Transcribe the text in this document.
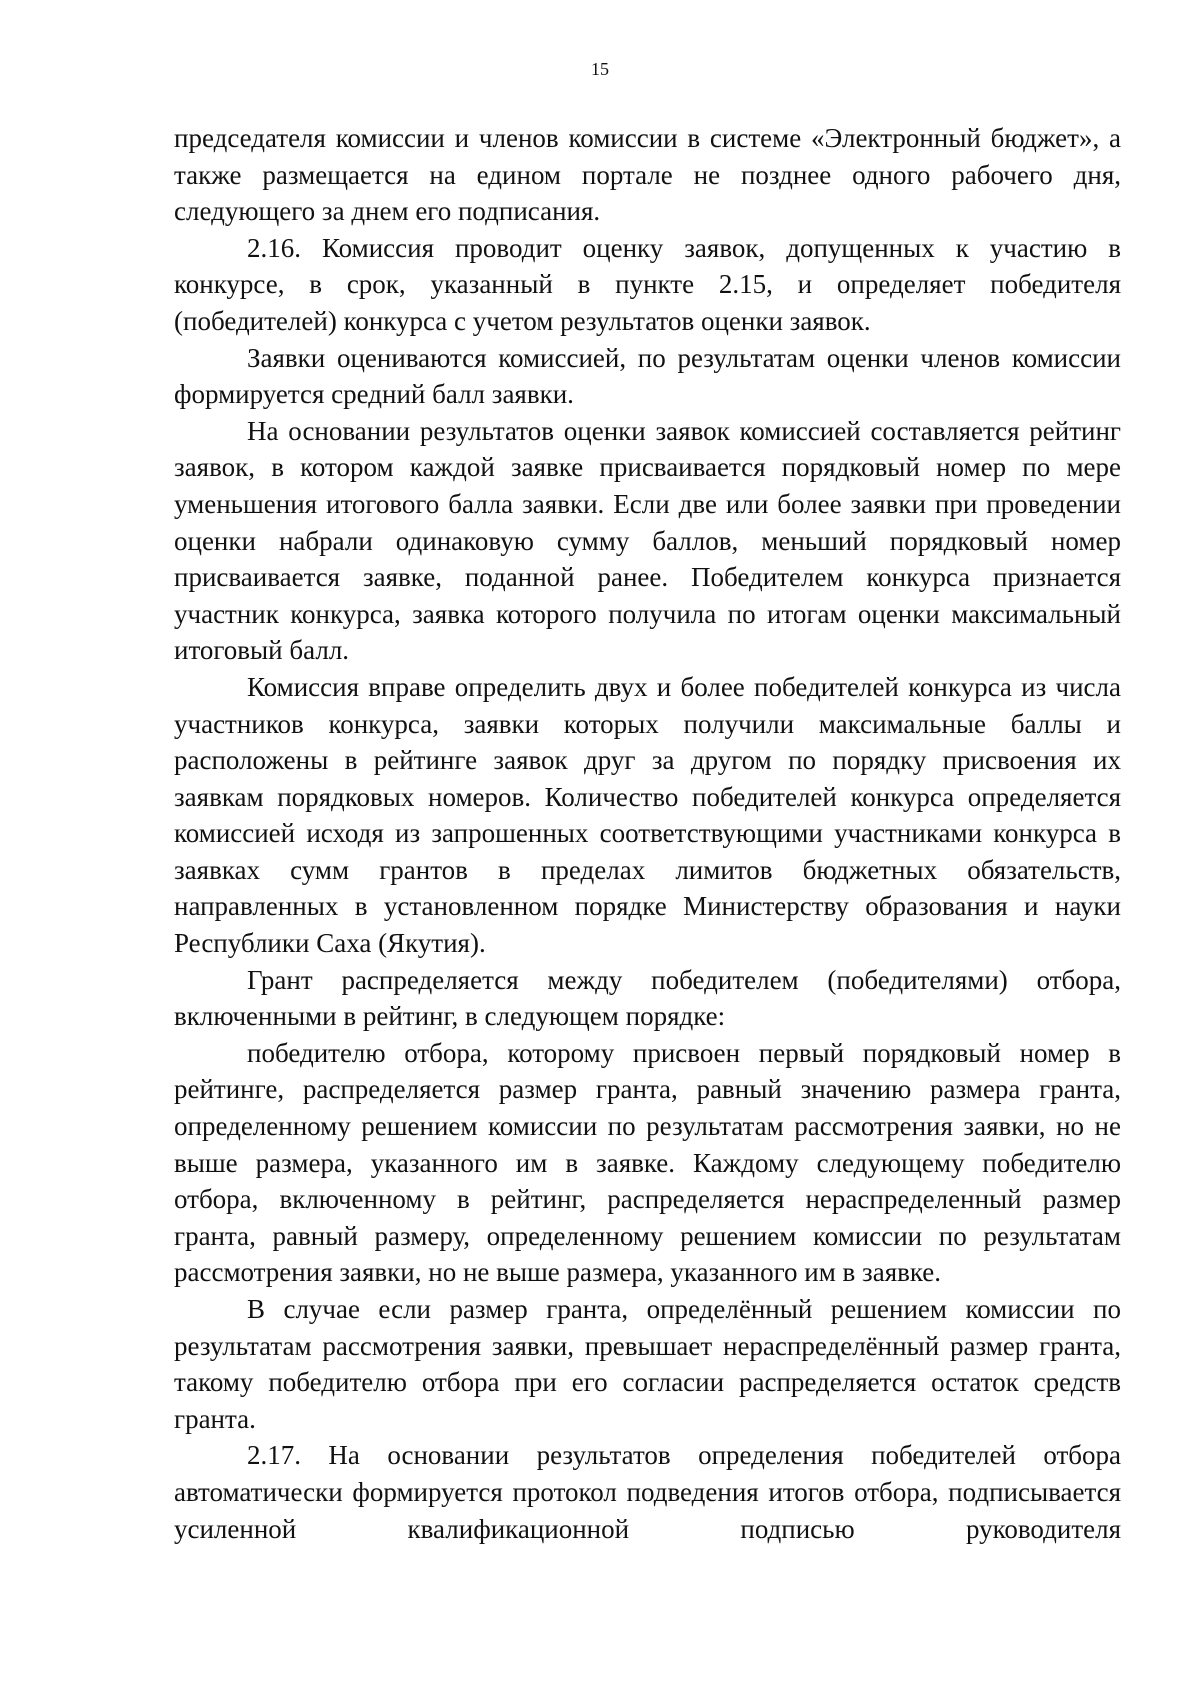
15

председателя комиссии и членов комиссии в системе «Электронный бюджет», а также размещается на едином портале не позднее одного рабочего дня, следующего за днем его подписания.

2.16. Комиссия проводит оценку заявок, допущенных к участию в конкурсе, в срок, указанный в пункте 2.15, и определяет победителя (победителей) конкурса с учетом результатов оценки заявок.

Заявки оцениваются комиссией, по результатам оценки членов комиссии формируется средний балл заявки.

На основании результатов оценки заявок комиссией составляется рейтинг заявок, в котором каждой заявке присваивается порядковый номер по мере уменьшения итогового балла заявки. Если две или более заявки при проведении оценки набрали одинаковую сумму баллов, меньший порядковый номер присваивается заявке, поданной ранее. Победителем конкурса признается участник конкурса, заявка которого получила по итогам оценки максимальный итоговый балл.

Комиссия вправе определить двух и более победителей конкурса из числа участников конкурса, заявки которых получили максимальные баллы и расположены в рейтинге заявок друг за другом по порядку присвоения их заявкам порядковых номеров. Количество победителей конкурса определяется комиссией исходя из запрошенных соответствующими участниками конкурса в заявках сумм грантов в пределах лимитов бюджетных обязательств, направленных в установленном порядке Министерству образования и науки Республики Саха (Якутия).

Грант распределяется между победителем (победителями) отбора, включенными в рейтинг, в следующем порядке:

победителю отбора, которому присвоен первый порядковый номер в рейтинге, распределяется размер гранта, равный значению размера гранта, определенному решением комиссии по результатам рассмотрения заявки, но не выше размера, указанного им в заявке. Каждому следующему победителю отбора, включенному в рейтинг, распределяется нераспределенный размер гранта, равный размеру, определенному решением комиссии по результатам рассмотрения заявки, но не выше размера, указанного им в заявке.

В случае если размер гранта, определённый решением комиссии по результатам рассмотрения заявки, превышает нераспределённый размер гранта, такому победителю отбора при его согласии распределяется остаток средств гранта.

2.17. На основании результатов определения победителей отбора автоматически формируется протокол подведения итогов отбора, подписывается усиленной квалификационной подписью руководителя
